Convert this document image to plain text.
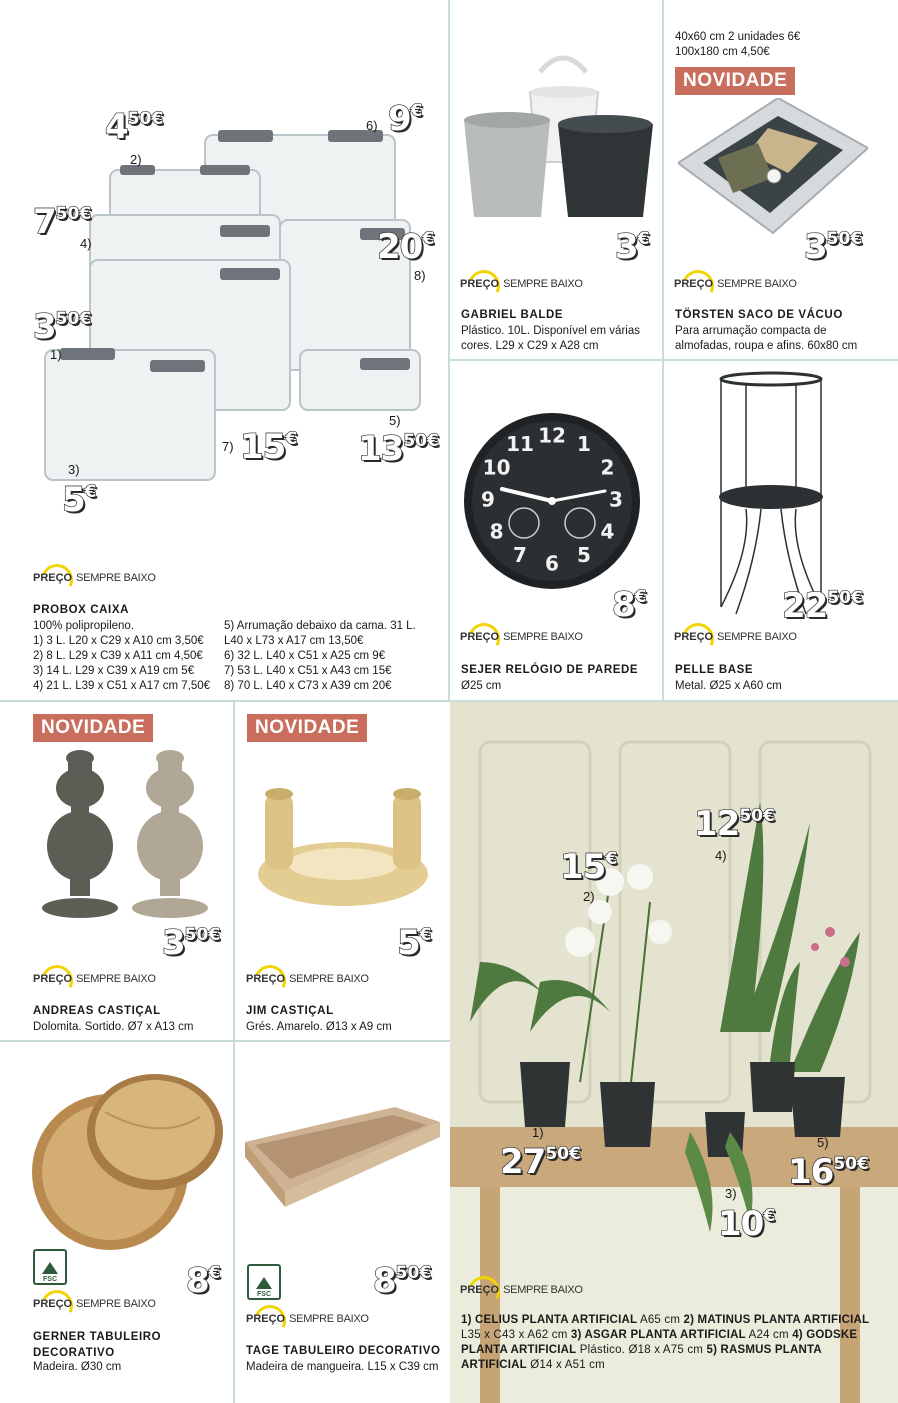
450€
2)
6) 9€
750€
4)	20€
8)
350€
1)
7) 15€
5)
1350€
3)
5€
PREÇO SEMPRE BAIXO
PROBOX CAIXA
100% polipropileno.
1) 3 L. L20 x C29 x A10 cm 3,50€
2) 8 L. L29 x C39 x A11 cm 4,50€
3) 14 L. L29 x C39 x A19 cm 5€
4) 21 L. L39 x C51 x A17 cm 7,50€
5) Arrumação debaixo da cama. 31 L.
L40 x L73 x A17 cm 13,50€
6) 32 L. L40 x C51 x A25 cm 9€
7) 53 L. L40 x C51 x A43 cm 15€
8) 70 L. L40 x C73 x A39 cm 20€
3€
PREÇO SEMPRE BAIXO
GABRIEL BALDE
Plástico. 10L. Disponível em várias
cores. L29 x C29 x A28 cm
40x60 cm 2 unidades 6€
100x180 cm 4,50€
NOVIDADE
350€
PREÇO SEMPRE BAIXO
TÖRSTEN SACO DE VÁCUO
Para arrumação compacta de
almofadas, roupa e afins. 60x80 cm
12 1
2
3
4
5
6
7
8
9
10
11
8€
PREÇO SEMPRE BAIXO
SEJER RELÓGIO DE PAREDE
Ø25 cm
2250€
PREÇO SEMPRE BAIXO
PELLE BASE
Metal. Ø25 x A60 cm
NOVIDADE
350€
PREÇO SEMPRE BAIXO
ANDREAS CASTIÇAL
Dolomita. Sortido. Ø7 x A13 cm
NOVIDADE
5€
PREÇO SEMPRE BAIXO
JIM CASTIÇAL
Grés. Amarelo. Ø13 x A9 cm
FSC	8€
PREÇO SEMPRE BAIXO
GERNER TABULEIRO
DECORATIVO
Madeira. Ø30 cm
FSC	850€
PREÇO SEMPRE BAIXO
TAGE TABULEIRO DECORATIVO
Madeira de mangueira. L15 x C39 cm
1250€
4)
15€
2)
1)
2750€
5)
1650€
3)
10€
PREÇO SEMPRE BAIXO
1) CELIUS PLANTA ARTIFICIAL A65 cm 2) MATINUS PLANTA ARTIFICIAL
L35 x C43 x A62 cm 3) ASGAR PLANTA ARTIFICIAL A24 cm 4) GODSKE
PLANTA ARTIFICIAL Plástico. Ø18 x A75 cm 5) RASMUS PLANTA
ARTIFICIAL Ø14 x A51 cm
